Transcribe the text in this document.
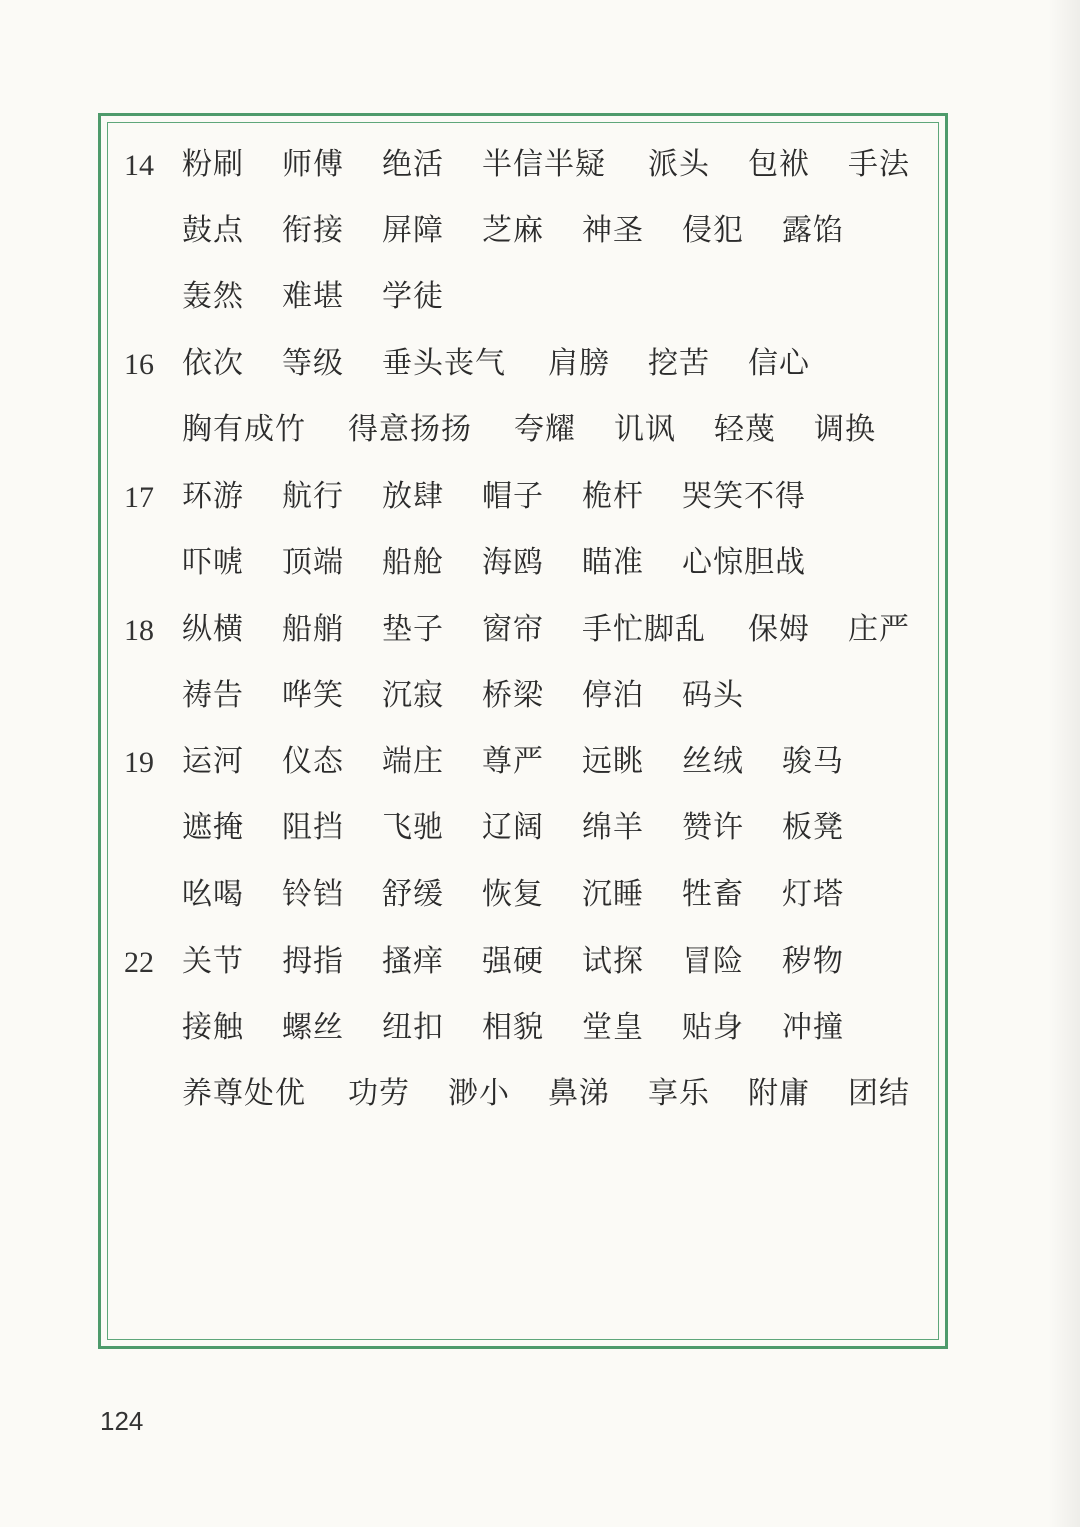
14 粉刷 师傅 绝活 半信半疑 派头 包袱 手法
鼓点 衔接 屏障 芝麻 神圣 侵犯 露馅
轰然 难堪 学徒
16 依次 等级 垂头丧气 肩膀 挖苦 信心
胸有成竹 得意扬扬 夸耀 讥讽 轻蔑 调换
17 环游 航行 放肆 帽子 桅杆 哭笑不得
吓唬 顶端 船舱 海鸥 瞄准 心惊胆战
18 纵横 船艄 垫子 窗帘 手忙脚乱 保姆 庄严
祷告 哗笑 沉寂 桥梁 停泊 码头
19 运河 仪态 端庄 尊严 远眺 丝绒 骏马
遮掩 阻挡 飞驰 辽阔 绵羊 赞许 板凳
吆喝 铃铛 舒缓 恢复 沉睡 牲畜 灯塔
22 关节 拇指 搔痒 强硬 试探 冒险 秽物
接触 螺丝 纽扣 相貌 堂皇 贴身 冲撞
养尊处优 功劳 渺小 鼻涕 享乐 附庸 团结
124
